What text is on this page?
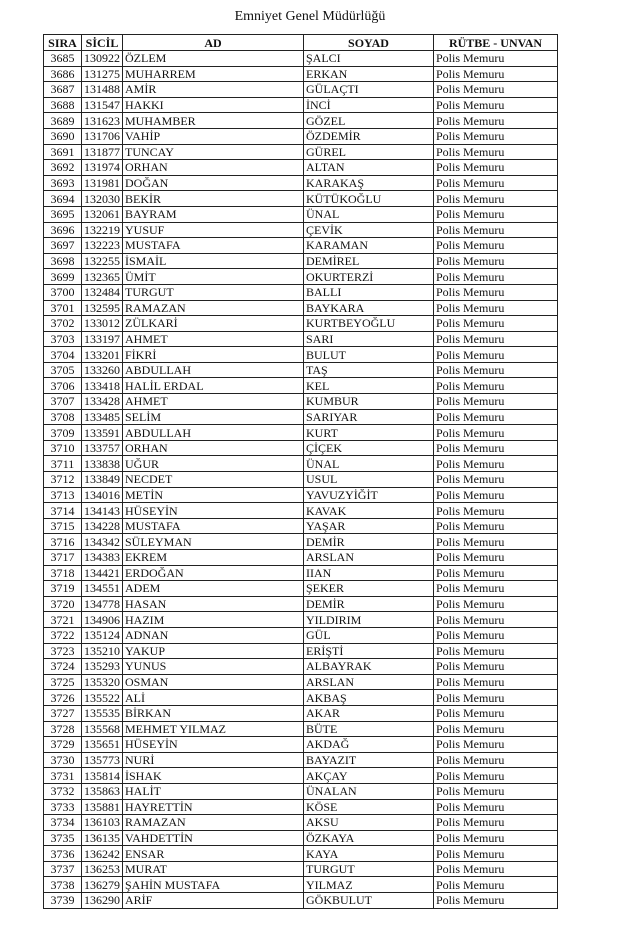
Emniyet Genel Müdürlüğü
SIRA	SİCİL	AD	SOYAD	RÜTBE - UNVAN
3685	130922	ÖZLEM	ŞALCI	Polis Memuru
3686	131275	MUHARREM	ERKAN	Polis Memuru
3687	131488	AMİR	GÜLAÇTI	Polis Memuru
3688	131547	HAKKI	İNCİ	Polis Memuru
3689	131623	MUHAMBER	GÖZEL	Polis Memuru
3690	131706	VAHİP	ÖZDEMİR	Polis Memuru
3691	131877	TUNCAY	GÜREL	Polis Memuru
3692	131974	ORHAN	ALTAN	Polis Memuru
3693	131981	DOĞAN	KARAKAŞ	Polis Memuru
3694	132030	BEKİR	KÜTÜKOĞLU	Polis Memuru
3695	132061	BAYRAM	ÜNAL	Polis Memuru
3696	132219	YUSUF	ÇEVİK	Polis Memuru
3697	132223	MUSTAFA	KARAMAN	Polis Memuru
3698	132255	İSMAİL	DEMİREL	Polis Memuru
3699	132365	ÜMİT	OKURTERZİ	Polis Memuru
3700	132484	TURGUT	BALLI	Polis Memuru
3701	132595	RAMAZAN	BAYKARA	Polis Memuru
3702	133012	ZÜLKARİ	KURTBEYOĞLU	Polis Memuru
3703	133197	AHMET	SARI	Polis Memuru
3704	133201	FİKRİ	BULUT	Polis Memuru
3705	133260	ABDULLAH	TAŞ	Polis Memuru
3706	133418	HALİL ERDAL	KEL	Polis Memuru
3707	133428	AHMET	KUMBUR	Polis Memuru
3708	133485	SELİM	SARIYAR	Polis Memuru
3709	133591	ABDULLAH	KURT	Polis Memuru
3710	133757	ORHAN	ÇİÇEK	Polis Memuru
3711	133838	UĞUR	ÜNAL	Polis Memuru
3712	133849	NECDET	USUL	Polis Memuru
3713	134016	METİN	YAVUZYİĞİT	Polis Memuru
3714	134143	HÜSEYİN	KAVAK	Polis Memuru
3715	134228	MUSTAFA	YAŞAR	Polis Memuru
3716	134342	SÜLEYMAN	DEMİR	Polis Memuru
3717	134383	EKREM	ARSLAN	Polis Memuru
3718	134421	ERDOĞAN	IIAN	Polis Memuru
3719	134551	ADEM	ŞEKER	Polis Memuru
3720	134778	HASAN	DEMİR	Polis Memuru
3721	134906	HAZIM	YILDIRIM	Polis Memuru
3722	135124	ADNAN	GÜL	Polis Memuru
3723	135210	YAKUP	ERİŞTİ	Polis Memuru
3724	135293	YUNUS	ALBAYRAK	Polis Memuru
3725	135320	OSMAN	ARSLAN	Polis Memuru
3726	135522	ALİ	AKBAŞ	Polis Memuru
3727	135535	BİRKAN	AKAR	Polis Memuru
3728	135568	MEHMET YILMAZ	BÜTE	Polis Memuru
3729	135651	HÜSEYİN	AKDAĞ	Polis Memuru
3730	135773	NURİ	BAYAZIT	Polis Memuru
3731	135814	İSHAK	AKÇAY	Polis Memuru
3732	135863	HALİT	ÜNALAN	Polis Memuru
3733	135881	HAYRETTİN	KÖSE	Polis Memuru
3734	136103	RAMAZAN	AKSU	Polis Memuru
3735	136135	VAHDETTİN	ÖZKAYA	Polis Memuru
3736	136242	ENSAR	KAYA	Polis Memuru
3737	136253	MURAT	TURGUT	Polis Memuru
3738	136279	ŞAHİN MUSTAFA	YILMAZ	Polis Memuru
3739	136290	ARİF	GÖKBULUT	Polis Memuru
